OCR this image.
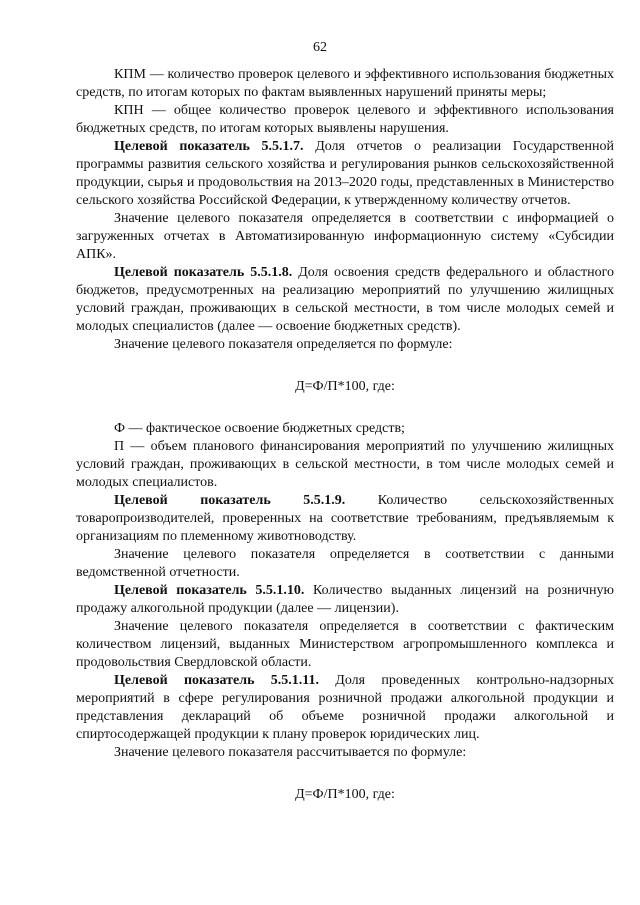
62

КПМ — количество проверок целевого и эффективного использования бюджетных средств, по итогам которых по фактам выявленных нарушений приняты меры;

КПН — общее количество проверок целевого и эффективного использования бюджетных средств, по итогам которых выявлены нарушения.

Целевой показатель 5.5.1.7. Доля отчетов о реализации Государственной программы развития сельского хозяйства и регулирования рынков сельскохозяйственной продукции, сырья и продовольствия на 2013–2020 годы, представленных в Министерство сельского хозяйства Российской Федерации, к утвержденному количеству отчетов.

Значение целевого показателя определяется в соответствии с информацией о загруженных отчетах в Автоматизированную информационную систему «Субсидии АПК».

Целевой показатель 5.5.1.8. Доля освоения средств федерального и областного бюджетов, предусмотренных на реализацию мероприятий по улучшению жилищных условий граждан, проживающих в сельской местности, в том числе молодых семей и молодых специалистов (далее — освоение бюджетных средств).

Значение целевого показателя определяется по формуле:

Д=Ф/П*100, где:

Ф — фактическое освоение бюджетных средств;

П — объем планового финансирования мероприятий по улучшению жилищных условий граждан, проживающих в сельской местности, в том числе молодых семей и молодых специалистов.

Целевой показатель 5.5.1.9. Количество сельскохозяйственных товаропроизводителей, проверенных на соответствие требованиям, предъявляемым к организациям по племенному животноводству.

Значение целевого показателя определяется в соответствии с данными ведомственной отчетности.

Целевой показатель 5.5.1.10. Количество выданных лицензий на розничную продажу алкогольной продукции (далее — лицензии).

Значение целевого показателя определяется в соответствии с фактическим количеством лицензий, выданных Министерством агропромышленного комплекса и продовольствия Свердловской области.

Целевой показатель 5.5.1.11. Доля проведенных контрольно-надзорных мероприятий в сфере регулирования розничной продажи алкогольной продукции и представления деклараций об объеме розничной продажи алкогольной и спиртосодержащей продукции к плану проверок юридических лиц.

Значение целевого показателя рассчитывается по формуле:

Д=Ф/П*100, где:
